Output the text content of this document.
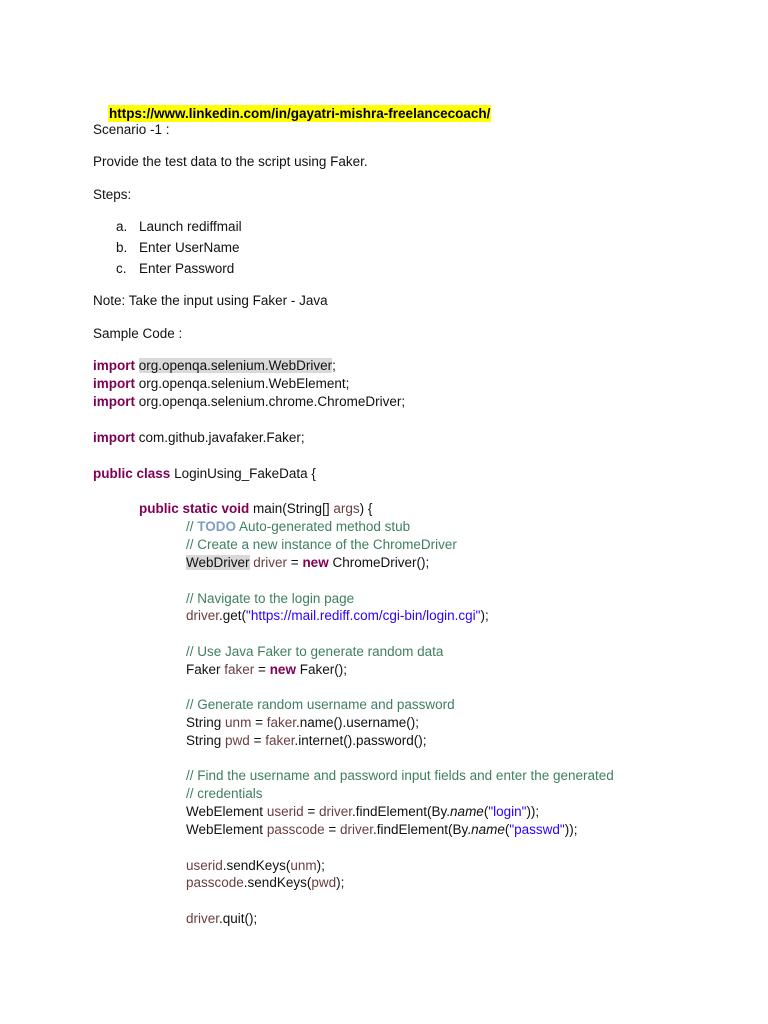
https://www.linkedin.com/in/gayatri-mishra-freelancecoach/

Scenario -1 :
Provide the test data to the script using Faker.
Steps:
a. Launch rediffmail
b. Enter UserName
c. Enter Password
Note: Take the input using Faker - Java
Sample Code :
import org.openqa.selenium.WebDriver;
import org.openqa.selenium.WebElement;
import org.openqa.selenium.chrome.ChromeDriver;
import com.github.javafaker.Faker;
public class LoginUsing_FakeData {
public static void main(String[] args) {
// TODO Auto-generated method stub
// Create a new instance of the ChromeDriver
WebDriver driver = new ChromeDriver();
// Navigate to the login page
driver.get("https://mail.rediff.com/cgi-bin/login.cgi");
// Use Java Faker to generate random data
Faker faker = new Faker();
// Generate random username and password
String unm = faker.name().username();
String pwd = faker.internet().password();
// Find the username and password input fields and enter the generated
// credentials
WebElement userid = driver.findElement(By.name("login"));
WebElement passcode = driver.findElement(By.name("passwd"));
userid.sendKeys(unm);
passcode.sendKeys(pwd);
driver.quit();
